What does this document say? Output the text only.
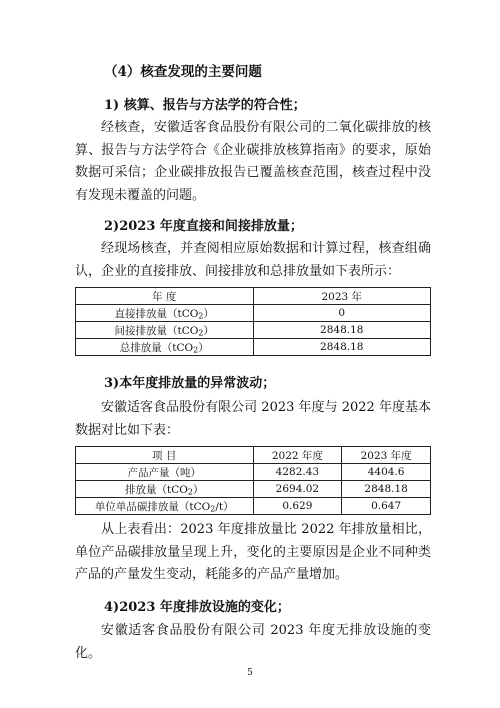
（4）核查发现的主要问题
1) 核算、报告与方法学的符合性；

经核查，安徽适客食品股份有限公司的二氧化碳排放的核算、报告与方法学符合《企业碳排放核算指南》的要求，原始数据可采信；企业碳排放报告已覆盖核查范围，核查过程中没有发现未覆盖的问题。

2)2023 年度直接和间接排放量；

经现场核查，并查阅相应原始数据和计算过程，核查组确认，企业的直接排放、间接排放和总排放量如下表所示：

年 度	2023 年
直接排放量（tCO$_2$）	0
间接排放量（tCO$_2$）	2848.18
总排放量（tCO$_2$）	2848.18
3)本年度排放量的异常波动；

安徽适客食品股份有限公司 2023 年度与 2022 年度基本数据对比如下表：

项 目	2022 年度	2023 年度
产品产量（吨）	4282.43	4404.6
排放量（tCO$_2$）	2694.02	2848.18
单位单品碳排放量（tCO$_2$/t）	0.629	0.647

从上表看出：2023 年度排放量比 2022 年排放量相比，单位产品碳排放量呈现上升，变化的主要原因是企业不同种类产品的产量发生变动，耗能多的产品产量增加。

4)2023 年度排放设施的变化；

安徽适客食品股份有限公司 2023 年度无排放设施的变化。

5
